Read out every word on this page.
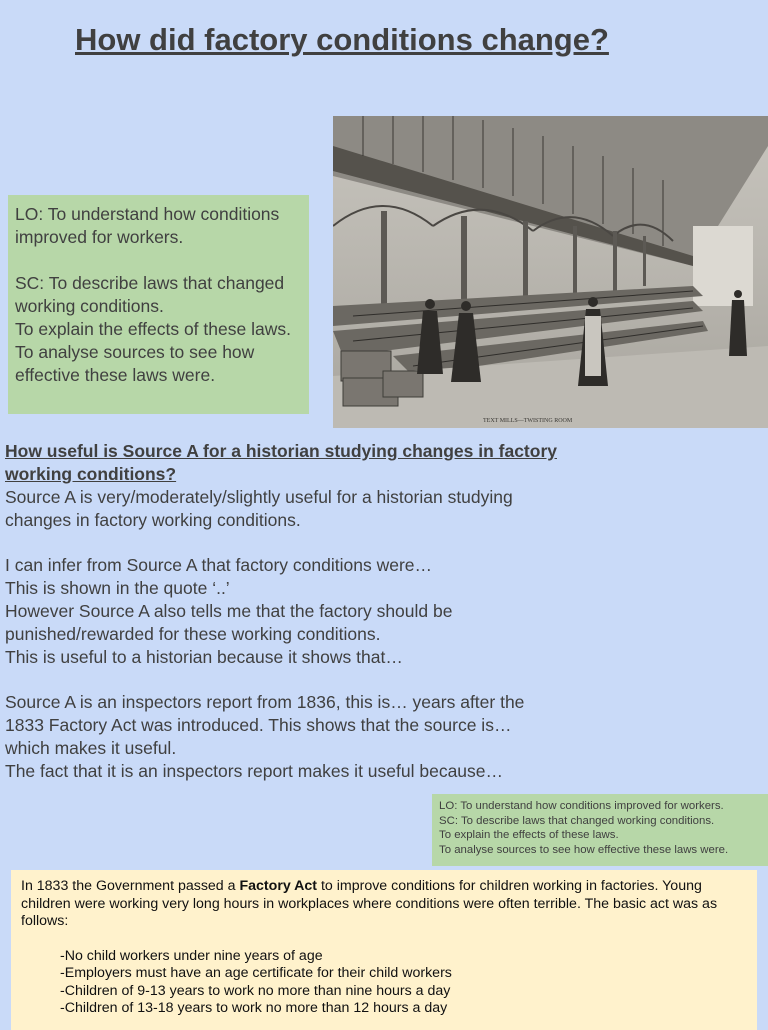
How did factory conditions change?

LO: To understand how conditions improved for workers.

SC: To describe laws that changed working conditions.

To explain the effects of these laws.

To analyse sources to see how effective these laws were.

TEXT MILLS—TWISTING ROOM
How useful is Source A for a historian studying changes in factory working conditions?

Source A is very/moderately/slightly useful for a historian studying

changes in factory working conditions.

I can infer from Source A that factory conditions were…

This is shown in the quote ‘..’

However Source A also tells me that the factory should be

punished/rewarded for these working conditions.

This is useful to a historian because it shows that…

Source A is an inspectors report from 1836, this is… years after the

1833 Factory Act was introduced. This shows that the source is…

which makes it useful.

The fact that it is an inspectors report makes it useful because…

LO: To understand how conditions improved for workers.

SC: To describe laws that changed working conditions.

To explain the effects of these laws.

To analyse sources to see how effective these laws were.

In 1833 the Government passed a Factory Act to improve conditions for children working in factories. Young children were working very long hours in workplaces where conditions were often terrible. The basic act was as follows:

-No child workers under nine years of age
-Employers must have an age certificate for their child workers
-Children of 9-13 years to work no more than nine hours a day
-Children of 13-18 years to work no more than 12 hours a day
